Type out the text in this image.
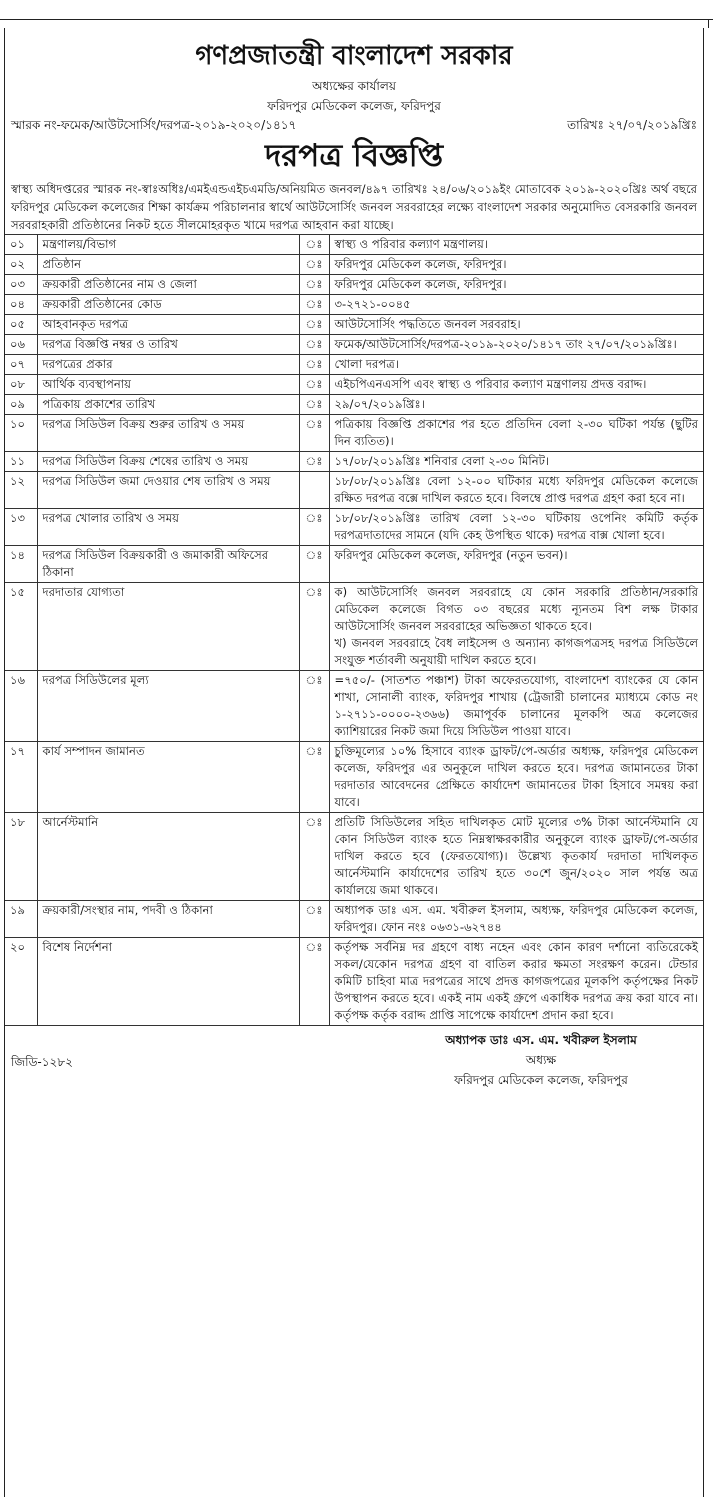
গণপ্রজাতন্ত্রী বাংলাদেশ সরকার
অধ্যক্ষের কার্যালয়
ফরিদপুর মেডিকেল কলেজ, ফরিদপুর
স্মারক নং-ফমেক/আউটসোর্সিং/দরপত্র-২০১৯-২০২০/১৪১৭	তারিখঃ ২৭/০৭/২০১৯খ্রিঃ
দরপত্র বিজ্ঞপ্তি
স্বাস্থ্য অধিদপ্তরের স্মারক নং-স্বাঃঅধিঃ/এমইএন্ডএইচএমডি/অনিয়মিত জনবল/৪৯৭ তারিখঃ ২৪/০৬/২০১৯ইং মোতাবেক ২০১৯-২০২০খ্রিঃ অর্থ বছরে ফরিদপুর মেডিকেল কলেজের শিক্ষা কার্যক্রম পরিচালনার স্বার্থে আউটসোর্সিং জনবল সরবরাহের লক্ষ্যে বাংলাদেশ সরকার অনুমোদিত বেসরকারি জনবল সরবরাহকারী প্রতিষ্ঠানের নিকট হতে সীলমোহরকৃত খামে দরপত্র আহবান করা যাচ্ছে।
০১	মন্ত্রণালয়/বিভাগ	ঃ	স্বাস্থ্য ও পরিবার কল্যাণ মন্ত্রণালয়।
০২	প্রতিষ্ঠান	ঃ	ফরিদপুর মেডিকেল কলেজ, ফরিদপুর।
০৩	ক্রয়কারী প্রতিষ্ঠানের নাম ও জেলা	ঃ	ফরিদপুর মেডিকেল কলেজ, ফরিদপুর।
০৪	ক্রয়কারী প্রতিষ্ঠানের কোড	ঃ	৩-২৭২১-০০৪৫
০৫	আহবানকৃত দরপত্র	ঃ	আউটসোর্সিং পদ্ধতিতে জনবল সরবরাহ।
০৬	দরপত্র বিজ্ঞপ্তি নম্বর ও তারিখ	ঃ	ফমেক/আউটসোর্সিং/দরপত্র-২০১৯-২০২০/১৪১৭ তাং ২৭/০৭/২০১৯খ্রিঃ।
০৭	দরপত্রের প্রকার	ঃ	খোলা দরপত্র।
০৮	আর্থিক ব্যবস্থাপনায়	ঃ	এইচপিএনএসপি এবং স্বাস্থ্য ও পরিবার কল্যাণ মন্ত্রণালয় প্রদত্ত বরাদ্দ।
০৯	পত্রিকায় প্রকাশের তারিখ	ঃ	২৯/০৭/২০১৯খ্রিঃ।
১০	দরপত্র সিডিউল বিক্রয় শুরুর তারিখ ও সময়	ঃ	পত্রিকায় বিজ্ঞপ্তি প্রকাশের পর হতে প্রতিদিন বেলা ২-৩০ ঘটিকা পর্যন্ত (ছুটির দিন ব্যতিত)।
১১	দরপত্র সিডিউল বিক্রয় শেষের তারিখ ও সময়	ঃ	১৭/০৮/২০১৯খ্রিঃ শনিবার বেলা ২-৩০ মিনিট।
১২	দরপত্র সিডিউল জমা দেওয়ার শেষ তারিখ ও সময়		১৮/০৮/২০১৯খ্রিঃ বেলা ১২-০০ ঘটিকার মধ্যে ফরিদপুর মেডিকেল কলেজে রক্ষিত দরপত্র বক্সে দাখিল করতে হবে। বিলম্বে প্রাপ্ত দরপত্র গ্রহণ করা হবে না।
১৩	দরপত্র খোলার তারিখ ও সময়	ঃ	১৮/০৮/২০১৯খ্রিঃ তারিখ বেলা ১২-৩০ ঘটিকায় ওপেনিং কমিটি কর্তৃক দরপত্রদাতাদের সামনে (যদি কেহ উপস্থিত থাকে) দরপত্র বাক্স খোলা হবে।
১৪	দরপত্র সিডিউল বিক্রয়কারী ও জমাকারী অফিসের ঠিকানা	ঃ	ফরিদপুর মেডিকেল কলেজ, ফরিদপুর (নতুন ভবন)।
১৫	দরদাতার যোগ্যতা	ঃ	ক) আউটসোর্সিং জনবল সরবরাহে যে কোন সরকারি প্রতিষ্ঠান/সরকারি মেডিকেল কলেজে বিগত ০৩ বছরের মধ্যে ন্যূনতম বিশ লক্ষ টাকার আউটসোর্সিং জনবল সরবরাহের অভিজ্ঞতা থাকতে হবে।
খ) জনবল সরবরাহে বৈধ লাইসেন্স ও অন্যান্য কাগজপত্রসহ দরপত্র সিডিউলে সংযুক্ত শর্তাবলী অনুযায়ী দাখিল করতে হবে।

১৬	দরপত্র সিডিউলের মূল্য	ঃ	=৭৫০/- (সাতশত পঞ্চাশ) টাকা অফেরতযোগ্য, বাংলাদেশ ব্যাংকের যে কোন শাখা, সোনালী ব্যাংক, ফরিদপুর শাখায় (ট্রেজারী চালানের ম্যাধ্যমে কোড নং ১-২৭১১-০০০০-২৩৬৬) জমাপূর্বক চালানের মূলকপি অত্র কলেজের ক্যাশিয়ারের নিকট জমা দিয়ে সিডিউল পাওয়া যাবে।
১৭	কার্য সম্পাদন জামানত	ঃ	চুক্তিমূল্যের ১০% হিসাবে ব্যাংক ড্রাফট/পে-অর্ডার অধ্যক্ষ, ফরিদপুর মেডিকেল কলেজ, ফরিদপুর এর অনুকূলে দাখিল করতে হবে। দরপত্র জামানতের টাকা দরদাতার আবেদনের প্রেক্ষিতে কার্যাদেশ জামানতের টাকা হিসাবে সমন্বয় করা যাবে।
১৮	আর্নেস্টমানি	ঃ	প্রতিটি সিডিউলের সহিত দাখিলকৃত মোট মূল্যের ৩% টাকা আর্নেস্টমানি যে কোন সিডিউল ব্যাংক হতে নিম্নস্বাক্ষরকারীর অনুকূলে ব্যাংক ড্রাফট/পে-অর্ডার দাখিল করতে হবে (ফেরতযোগ্য)। উল্লেখ্য কৃতকার্য দরদাতা দাখিলকৃত আর্নেস্টমানি কার্যাদেশের তারিখ হতে ৩০শে জুন/২০২০ সাল পর্যন্ত অত্র কার্যালয়ে জমা থাকবে।
১৯	ক্রয়কারী/সংস্থার নাম, পদবী ও ঠিকানা	ঃ	অধ্যাপক ডাঃ এস. এম. খবীরুল ইসলাম, অধ্যক্ষ, ফরিদপুর মেডিকেল কলেজ, ফরিদপুর। ফোন নংঃ ০৬৩১-৬২৭৪৪
২০	বিশেষ নির্দেশনা	ঃ	কর্তৃপক্ষ সর্বনিম্ন দর গ্রহণে বাধ্য নহেন এবং কোন কারণ দর্শানো ব্যতিরেকেই সকল/যেকোন দরপত্র গ্রহণ বা বাতিল করার ক্ষমতা সংরক্ষণ করেন। টেন্ডার কমিটি চাহিবা মাত্র দরপত্রের সাথে প্রদত্ত কাগজপত্রের মূলকপি কর্তৃপক্ষের নিকট উপস্থাপন করতে হবে। একই নাম একই গ্রুপে একাধিক দরপত্র ক্রয় করা যাবে না। কর্তৃপক্ষ কর্তৃক বরাদ্দ প্রাপ্তি সাপেক্ষে কার্যাদেশ প্রদান করা হবে।
জিডি-১২৮২
অধ্যাপক ডাঃ এস. এম. খবীরুল ইসলাম
অধ্যক্ষ
ফরিদপুর মেডিকেল কলেজ, ফরিদপুর
